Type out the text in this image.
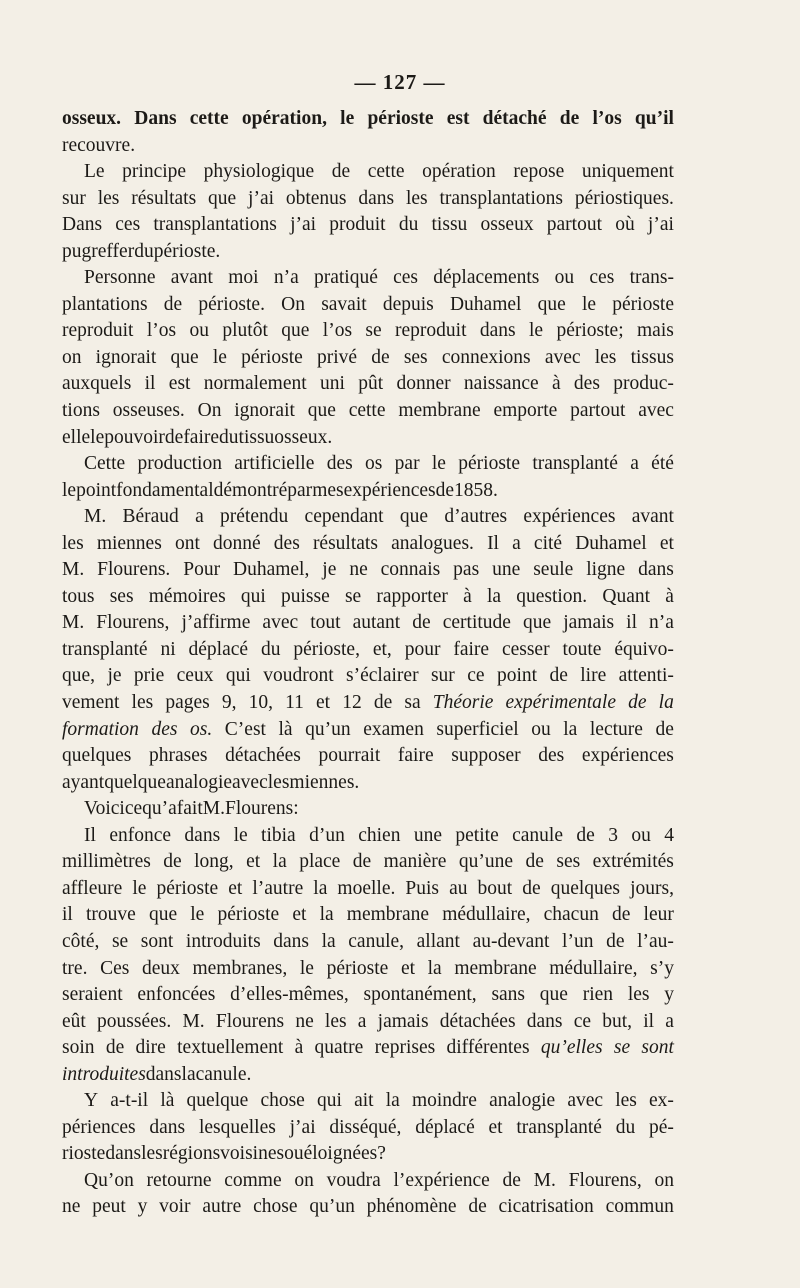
— 127 —
osseux. Dans cette opération, le périoste est détaché de l’os qu’il
recouvre.
Le principe physiologique de cette opération repose uniquement
sur les résultats que j’ai obtenus dans les transplantations périostiques.
Dans ces transplantations j’ai produit du tissu osseux partout où j’ai
pu greffer du périoste.
Personne avant moi n’a pratiqué ces déplacements ou ces trans-
plantations de périoste. On savait depuis Duhamel que le périoste
reproduit l’os ou plutôt que l’os se reproduit dans le périoste; mais
on ignorait que le périoste privé de ses connexions avec les tissus
auxquels il est normalement uni pût donner naissance à des produc-
tions osseuses. On ignorait que cette membrane emporte partout avec
elle le pouvoir de faire du tissu osseux.
Cette production artificielle des os par le périoste transplanté a été
le point fondamental démontré par mes expériences de 1858.
M. Béraud a prétendu cependant que d’autres expériences avant
les miennes ont donné des résultats analogues. Il a cité Duhamel et
M. Flourens. Pour Duhamel, je ne connais pas une seule ligne dans
tous ses mémoires qui puisse se rapporter à la question. Quant à
M. Flourens, j’affirme avec tout autant de certitude que jamais il n’a
transplanté ni déplacé du périoste, et, pour faire cesser toute équivo-
que, je prie ceux qui voudront s’éclairer sur ce point de lire attenti-
vement les pages 9, 10, 11 et 12 de sa Théorie expérimentale de la
formation des os. C’est là qu’un examen superficiel ou la lecture de
quelques phrases détachées pourrait faire supposer des expériences
ayant quelque analogie avec les miennes.
Voici ce qu’a fait M. Flourens :
Il enfonce dans le tibia d’un chien une petite canule de 3 ou 4
millimètres de long, et la place de manière qu’une de ses extrémités
affleure le périoste et l’autre la moelle. Puis au bout de quelques jours,
il trouve que le périoste et la membrane médullaire, chacun de leur
côté, se sont introduits dans la canule, allant au-devant l’un de l’au-
tre. Ces deux membranes, le périoste et la membrane médullaire, s’y
seraient enfoncées d’elles-mêmes, spontanément, sans que rien les y
eût poussées. M. Flourens ne les a jamais détachées dans ce but, il a
soin de dire textuellement à quatre reprises différentes qu’elles se sont
introduites dans la canule.
Y a-t-il là quelque chose qui ait la moindre analogie avec les ex-
périences dans lesquelles j’ai disséqué, déplacé et transplanté du pé-
rioste dans les régions voisines ou éloignées ?
Qu’on retourne comme on voudra l’expérience de M. Flourens, on
ne peut y voir autre chose qu’un phénomène de cicatrisation commun
